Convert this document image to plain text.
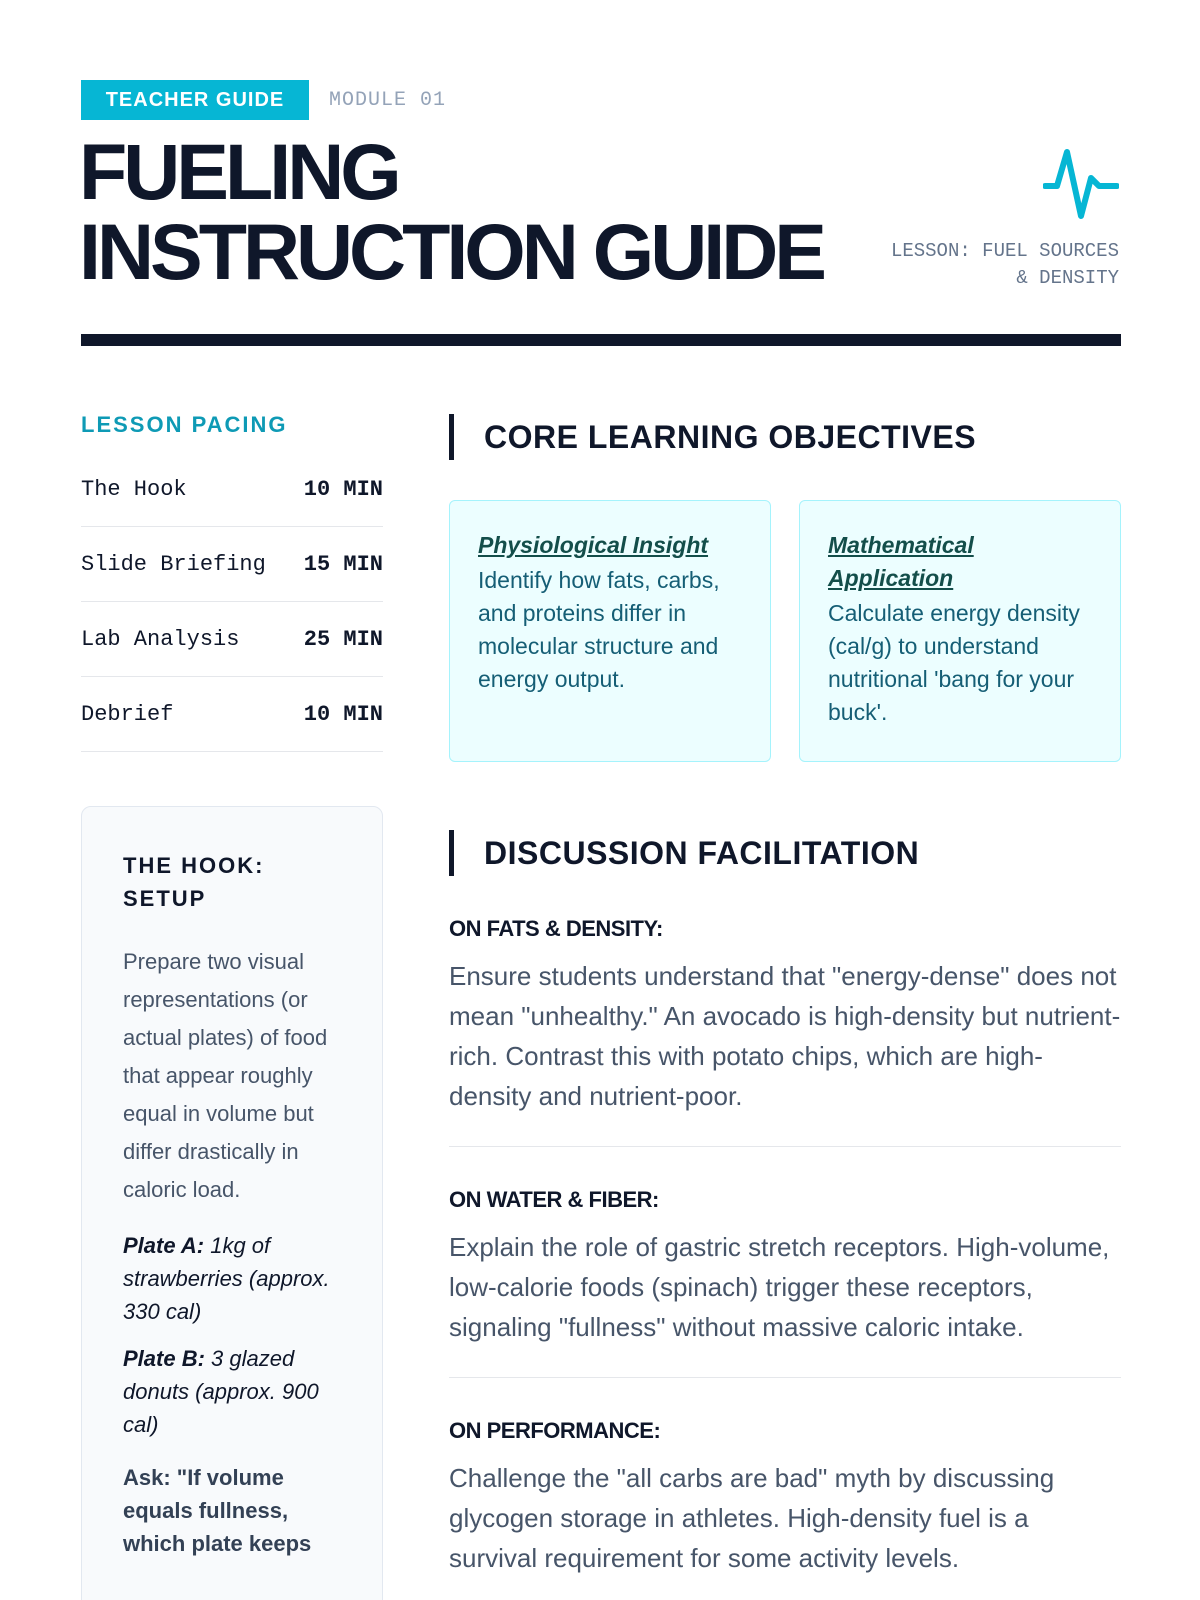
TEACHER GUIDE	MODULE 01
FUELING
INSTRUCTION GUIDE	LESSON: FUEL SOURCES
& DENSITY
LESSON PACING
The Hook	10 MIN
Slide Briefing 15 MIN
Lab Analysis	25 MIN
Debrief	10 MIN
THE HOOK: SETUP

Prepare two visual representations (or actual plates) of food that appear roughly equal in volume but differ drastically in caloric load.

Plate A: 1kg of strawberries (approx. 330 cal)

Plate B: 3 glazed donuts (approx. 900 cal)

Ask: "If volume equals fullness, which plate keeps

CORE LEARNING OBJECTIVES
Physiological Insight
Identify how fats, carbs, and proteins differ in molecular structure and energy output.
Mathematical Application
Calculate energy density (cal/g) to understand nutritional 'bang for your buck'.
DISCUSSION FACILITATION
ON FATS & DENSITY:

Ensure students understand that "energy-dense" does not mean "unhealthy." An avocado is high-density but nutrient-rich. Contrast this with potato chips, which are high-density and nutrient-poor.

ON WATER & FIBER:

Explain the role of gastric stretch receptors. High-volume, low-calorie foods (spinach) trigger these receptors, signaling "fullness" without massive caloric intake.

ON PERFORMANCE:

Challenge the "all carbs are bad" myth by discussing glycogen storage in athletes. High-density fuel is a survival requirement for some activity levels.
